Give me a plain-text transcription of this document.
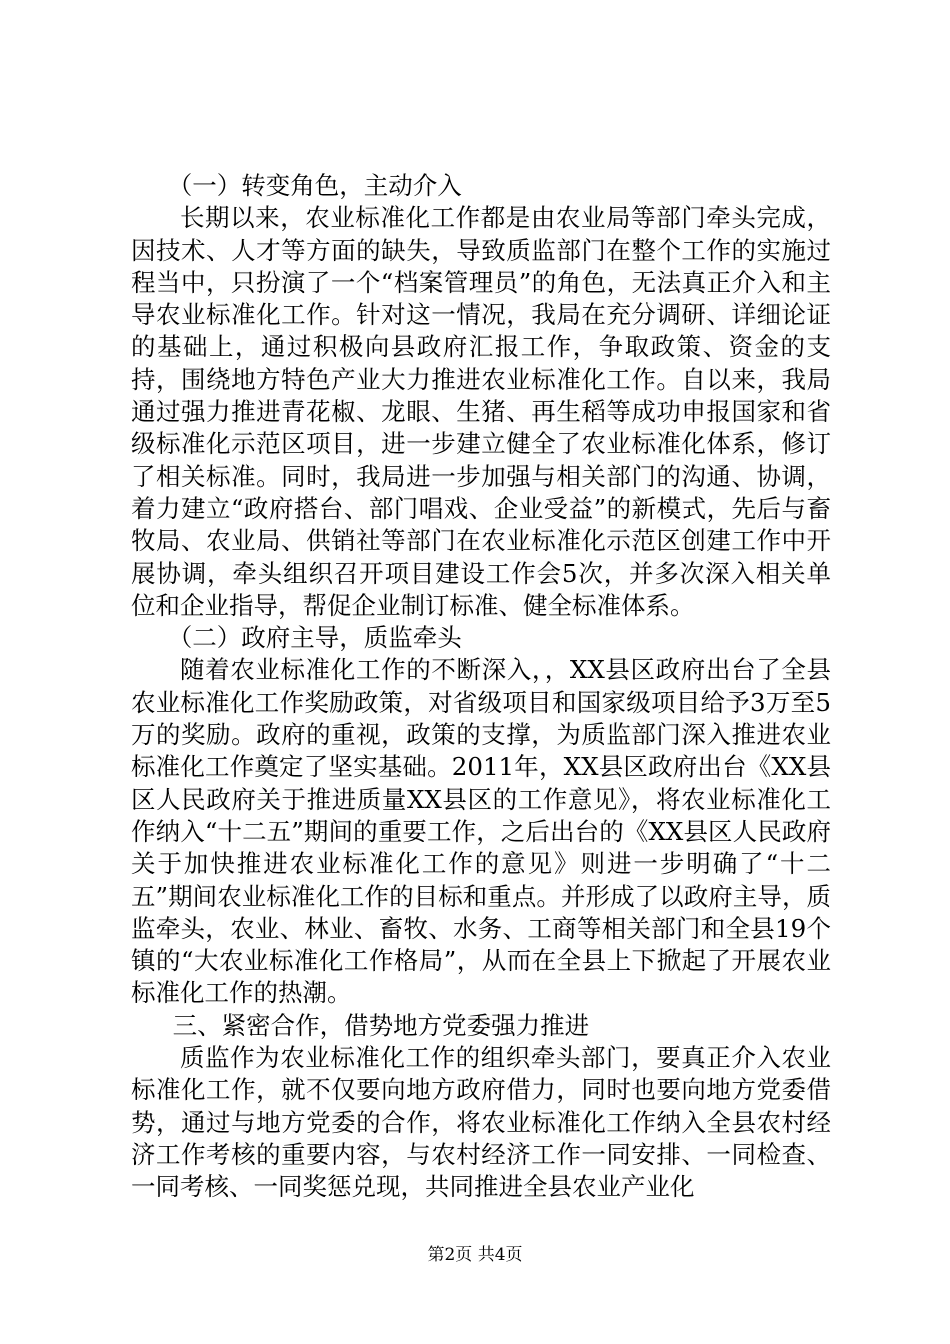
（一）转变角色，主动介入

长期以来，农业标准化工作都是由农业局等部门牵头完成，因技术、人才等方面的缺失，导致质监部门在整个工作的实施过程当中，只扮演了一个“档案管理员”的角色，无法真正介入和主导农业标准化工作。针对这一情况，我局在充分调研、详细论证的基础上，通过积极向县政府汇报工作，争取政策、资金的支持，围绕地方特色产业大力推进农业标准化工作。自以来，我局通过强力推进青花椒、龙眼、生猪、再生稻等成功申报国家和省级标准化示范区项目，进一步建立健全了农业标准化体系，修订了相关标准。同时，我局进一步加强与相关部门的沟通、协调，着力建立“政府搭台、部门唱戏、企业受益”的新模式，先后与畜牧局、农业局、供销社等部门在农业标准化示范区创建工作中开展协调，牵头组织召开项目建设工作会5次，并多次深入相关单位和企业指导，帮促企业制订标准、健全标准体系。

（二）政府主导，质监牵头

随着农业标准化工作的不断深入，，XX县区政府出台了全县农业标准化工作奖励政策，对省级项目和国家级项目给予3万至5万的奖励。政府的重视，政策的支撑，为质监部门深入推进农业标准化工作奠定了坚实基础。2011年，XX县区政府出台《XX县区人民政府关于推进质量XX县区的工作意见》，将农业标准化工作纳入“十二五”期间的重要工作，之后出台的《XX县区人民政府关于加快推进农业标准化工作的意见》则进一步明确了“十二五”期间农业标准化工作的目标和重点。并形成了以政府主导，质监牵头，农业、林业、畜牧、水务、工商等相关部门和全县19个镇的“大农业标准化工作格局”，从而在全县上下掀起了开展农业标准化工作的热潮。

三、紧密合作，借势地方党委强力推进

质监作为农业标准化工作的组织牵头部门，要真正介入农业标准化工作，就不仅要向地方政府借力，同时也要向地方党委借势，通过与地方党委的合作，将农业标准化工作纳入全县农村经济工作考核的重要内容，与农村经济工作一同安排、一同检查、一同考核、一同奖惩兑现，共同推进全县农业产业化

第2页 共4页
